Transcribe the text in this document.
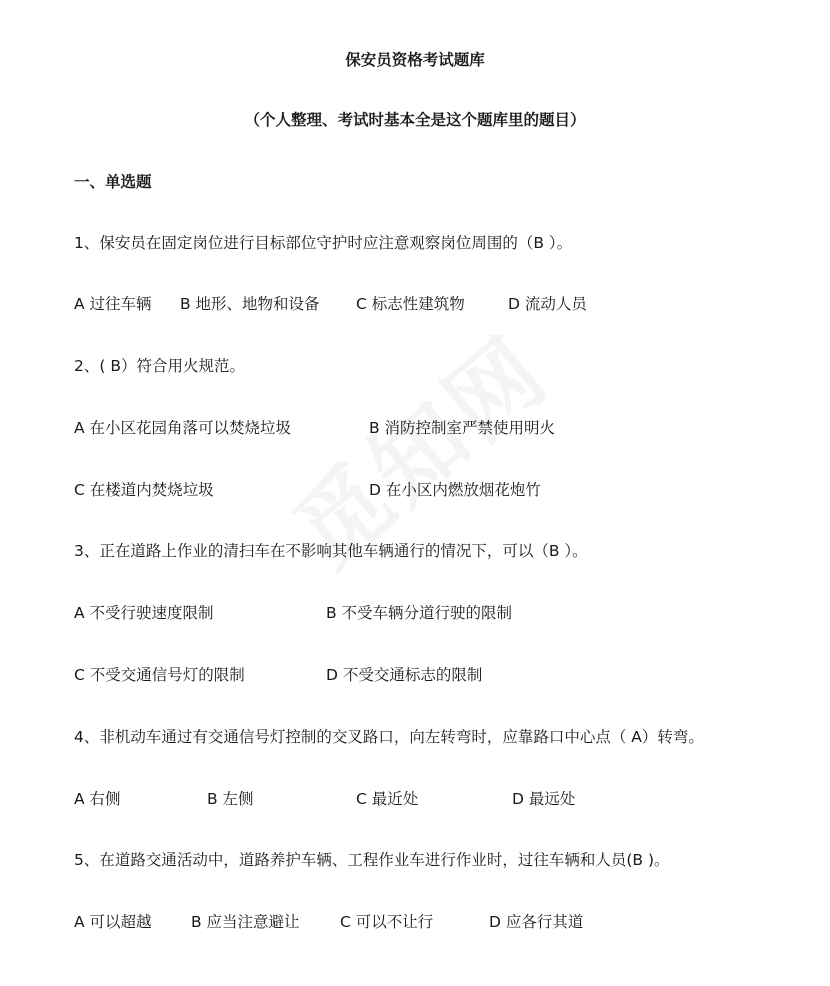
保安员资格考试题库
（个人整理、考试时基本全是这个题库里的题目）
一、单选题
1、保安员在固定岗位进行目标部位守护时应注意观察岗位周围的（B ）。
A 过往车辆 B 地形、地物和设备 C 标志性建筑物	D 流动人员
2、( B）符合用火规范。
A 在小区花园角落可以焚烧垃圾	B 消防控制室严禁使用明火
C 在楼道内焚烧垃圾	D 在小区内燃放烟花炮竹
3、正在道路上作业的清扫车在不影响其他车辆通行的情况下，可以（B ）。
A 不受行驶速度限制	B 不受车辆分道行驶的限制
C 不受交通信号灯的限制	D 不受交通标志的限制
4、非机动车通过有交通信号灯控制的交叉路口，向左转弯时，应靠路口中心点（ A）转弯。
A 右侧	B 左侧	C 最近处	D 最远处
5、在道路交通活动中，道路养护车辆、工程作业车进行作业时，过往车辆和人员(B )。
A 可以超越	B 应当注意避让	C 可以不让行	D 应各行其道
